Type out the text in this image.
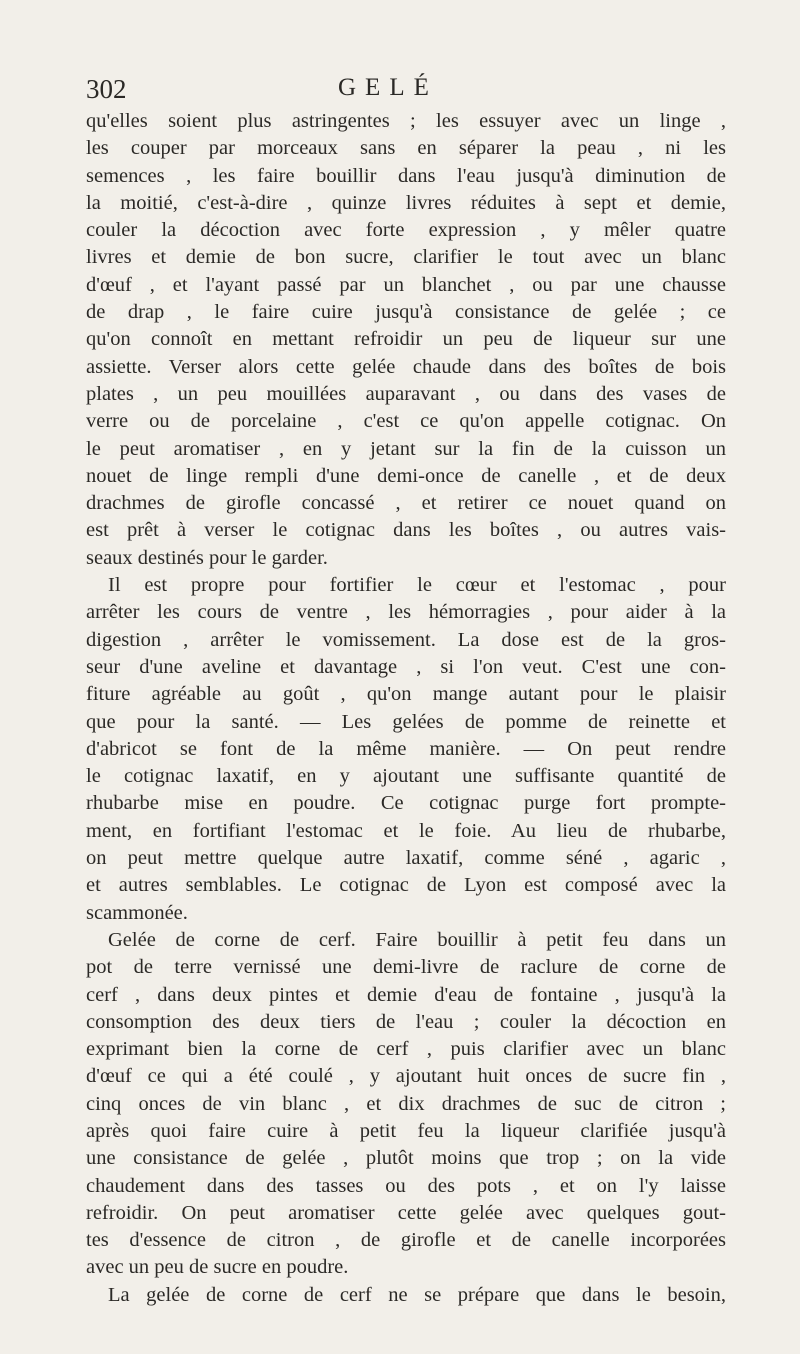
302	GELÉ
qu'elles soient plus astringentes ; les essuyer avec un linge ,
les couper par morceaux sans en séparer la peau , ni les
semences , les faire bouillir dans l'eau jusqu'à diminution de
la moitié, c'est-à-dire , quinze livres réduites à sept et demie,
couler la décoction avec forte expression , y mêler quatre
livres et demie de bon sucre, clarifier le tout avec un blanc
d'œuf , et l'ayant passé par un blanchet , ou par une chausse
de drap , le faire cuire jusqu'à consistance de gelée ; ce
qu'on connoît en mettant refroidir un peu de liqueur sur une
assiette. Verser alors cette gelée chaude dans des boîtes de bois
plates , un peu mouillées auparavant , ou dans des vases de
verre ou de porcelaine , c'est ce qu'on appelle cotignac. On
le peut aromatiser , en y jetant sur la fin de la cuisson un
nouet de linge rempli d'une demi-once de canelle , et de deux
drachmes de girofle concassé , et retirer ce nouet quand on
est prêt à verser le cotignac dans les boîtes , ou autres vais-
seaux destinés pour le garder.
Il est propre pour fortifier le cœur et l'estomac , pour
arrêter les cours de ventre , les hémorragies , pour aider à la
digestion , arrêter le vomissement. La dose est de la gros-
seur d'une aveline et davantage , si l'on veut. C'est une con-
fiture agréable au goût , qu'on mange autant pour le plaisir
que pour la santé. — Les gelées de pomme de reinette et
d'abricot se font de la même manière. — On peut rendre
le cotignac laxatif, en y ajoutant une suffisante quantité de
rhubarbe mise en poudre. Ce cotignac purge fort prompte-
ment, en fortifiant l'estomac et le foie. Au lieu de rhubarbe,
on peut mettre quelque autre laxatif, comme séné , agaric ,
et autres semblables. Le cotignac de Lyon est composé avec la
scammonée.
Gelée de corne de cerf. Faire bouillir à petit feu dans un
pot de terre vernissé une demi-livre de raclure de corne de
cerf , dans deux pintes et demie d'eau de fontaine , jusqu'à la
consomption des deux tiers de l'eau ; couler la décoction en
exprimant bien la corne de cerf , puis clarifier avec un blanc
d'œuf ce qui a été coulé , y ajoutant huit onces de sucre fin ,
cinq onces de vin blanc , et dix drachmes de suc de citron ;
après quoi faire cuire à petit feu la liqueur clarifiée jusqu'à
une consistance de gelée , plutôt moins que trop ; on la vide
chaudement dans des tasses ou des pots , et on l'y laisse
refroidir. On peut aromatiser cette gelée avec quelques gout-
tes d'essence de citron , de girofle et de canelle incorporées
avec un peu de sucre en poudre.
La gelée de corne de cerf ne se prépare que dans le besoin,
